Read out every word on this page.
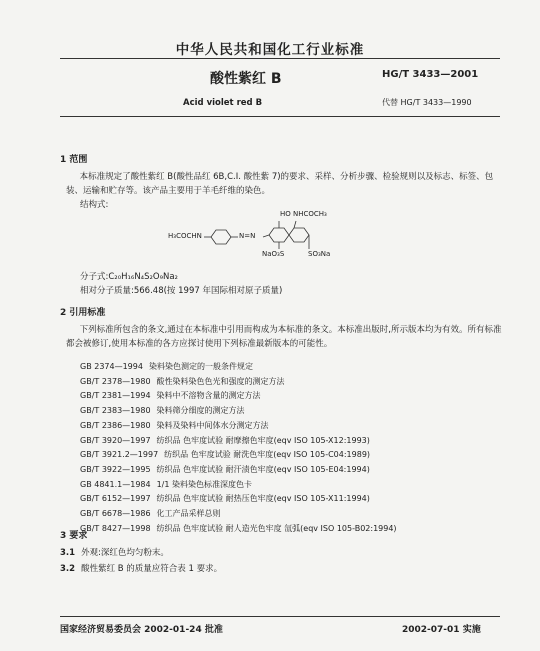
中华人民共和国化工行业标准
酸性紫红 B	HG/T 3433—2001
Acid violet red B	代替 HG/T 3433—1990
1 范围
本标准规定了酸性紫红 B(酸性品红 6B,C.I. 酸性紫 7)的要求、采样、分析步骤、检验规则以及标志、标签、包装、运输和贮存等。该产品主要用于羊毛纤维的染色。
结构式:
HO NHCOCH₃
H₃COCHN	N=N
NaO₃S	SO₃Na
分子式:C₂₀H₁₆N₄S₂O₉Na₂
相对分子质量:566.48(按 1997 年国际相对原子质量)
2 引用标准
下列标准所包含的条文,通过在本标准中引用而构成为本标准的条文。本标准出版时,所示版本均为有效。所有标准都会被修订,使用本标准的各方应探讨使用下列标准最新版本的可能性。
GB 2374—1994 染料染色测定的一般条件规定
GB/T 2378—1980 酸性染料染色色光和强度的测定方法
GB/T 2381—1994 染料中不溶物含量的测定方法
GB/T 2383—1980 染料筛分细度的测定方法
GB/T 2386—1980 染料及染料中间体水分测定方法
GB/T 3920—1997 纺织品 色牢度试验 耐摩擦色牢度(eqv ISO 105-X12:1993)
GB/T 3921.2—1997 纺织品 色牢度试验 耐洗色牢度(eqv ISO 105-C04:1989)
GB/T 3922—1995 纺织品 色牢度试验 耐汗渍色牢度(eqv ISO 105-E04:1994)
GB 4841.1—1984 1/1 染料染色标准深度色卡
GB/T 6152—1997 纺织品 色牢度试验 耐热压色牢度(eqv ISO 105-X11:1994)
GB/T 6678—1986 化工产品采样总则
GB/T 8427—1998 纺织品 色牢度试验 耐人造光色牢度 氙弧(eqv ISO 105-B02:1994)
3 要求
3.1 外观:深红色均匀粉末。
3.2 酸性紫红 B 的质量应符合表 1 要求。
国家经济贸易委员会 2002-01-24 批准	2002-07-01 实施
